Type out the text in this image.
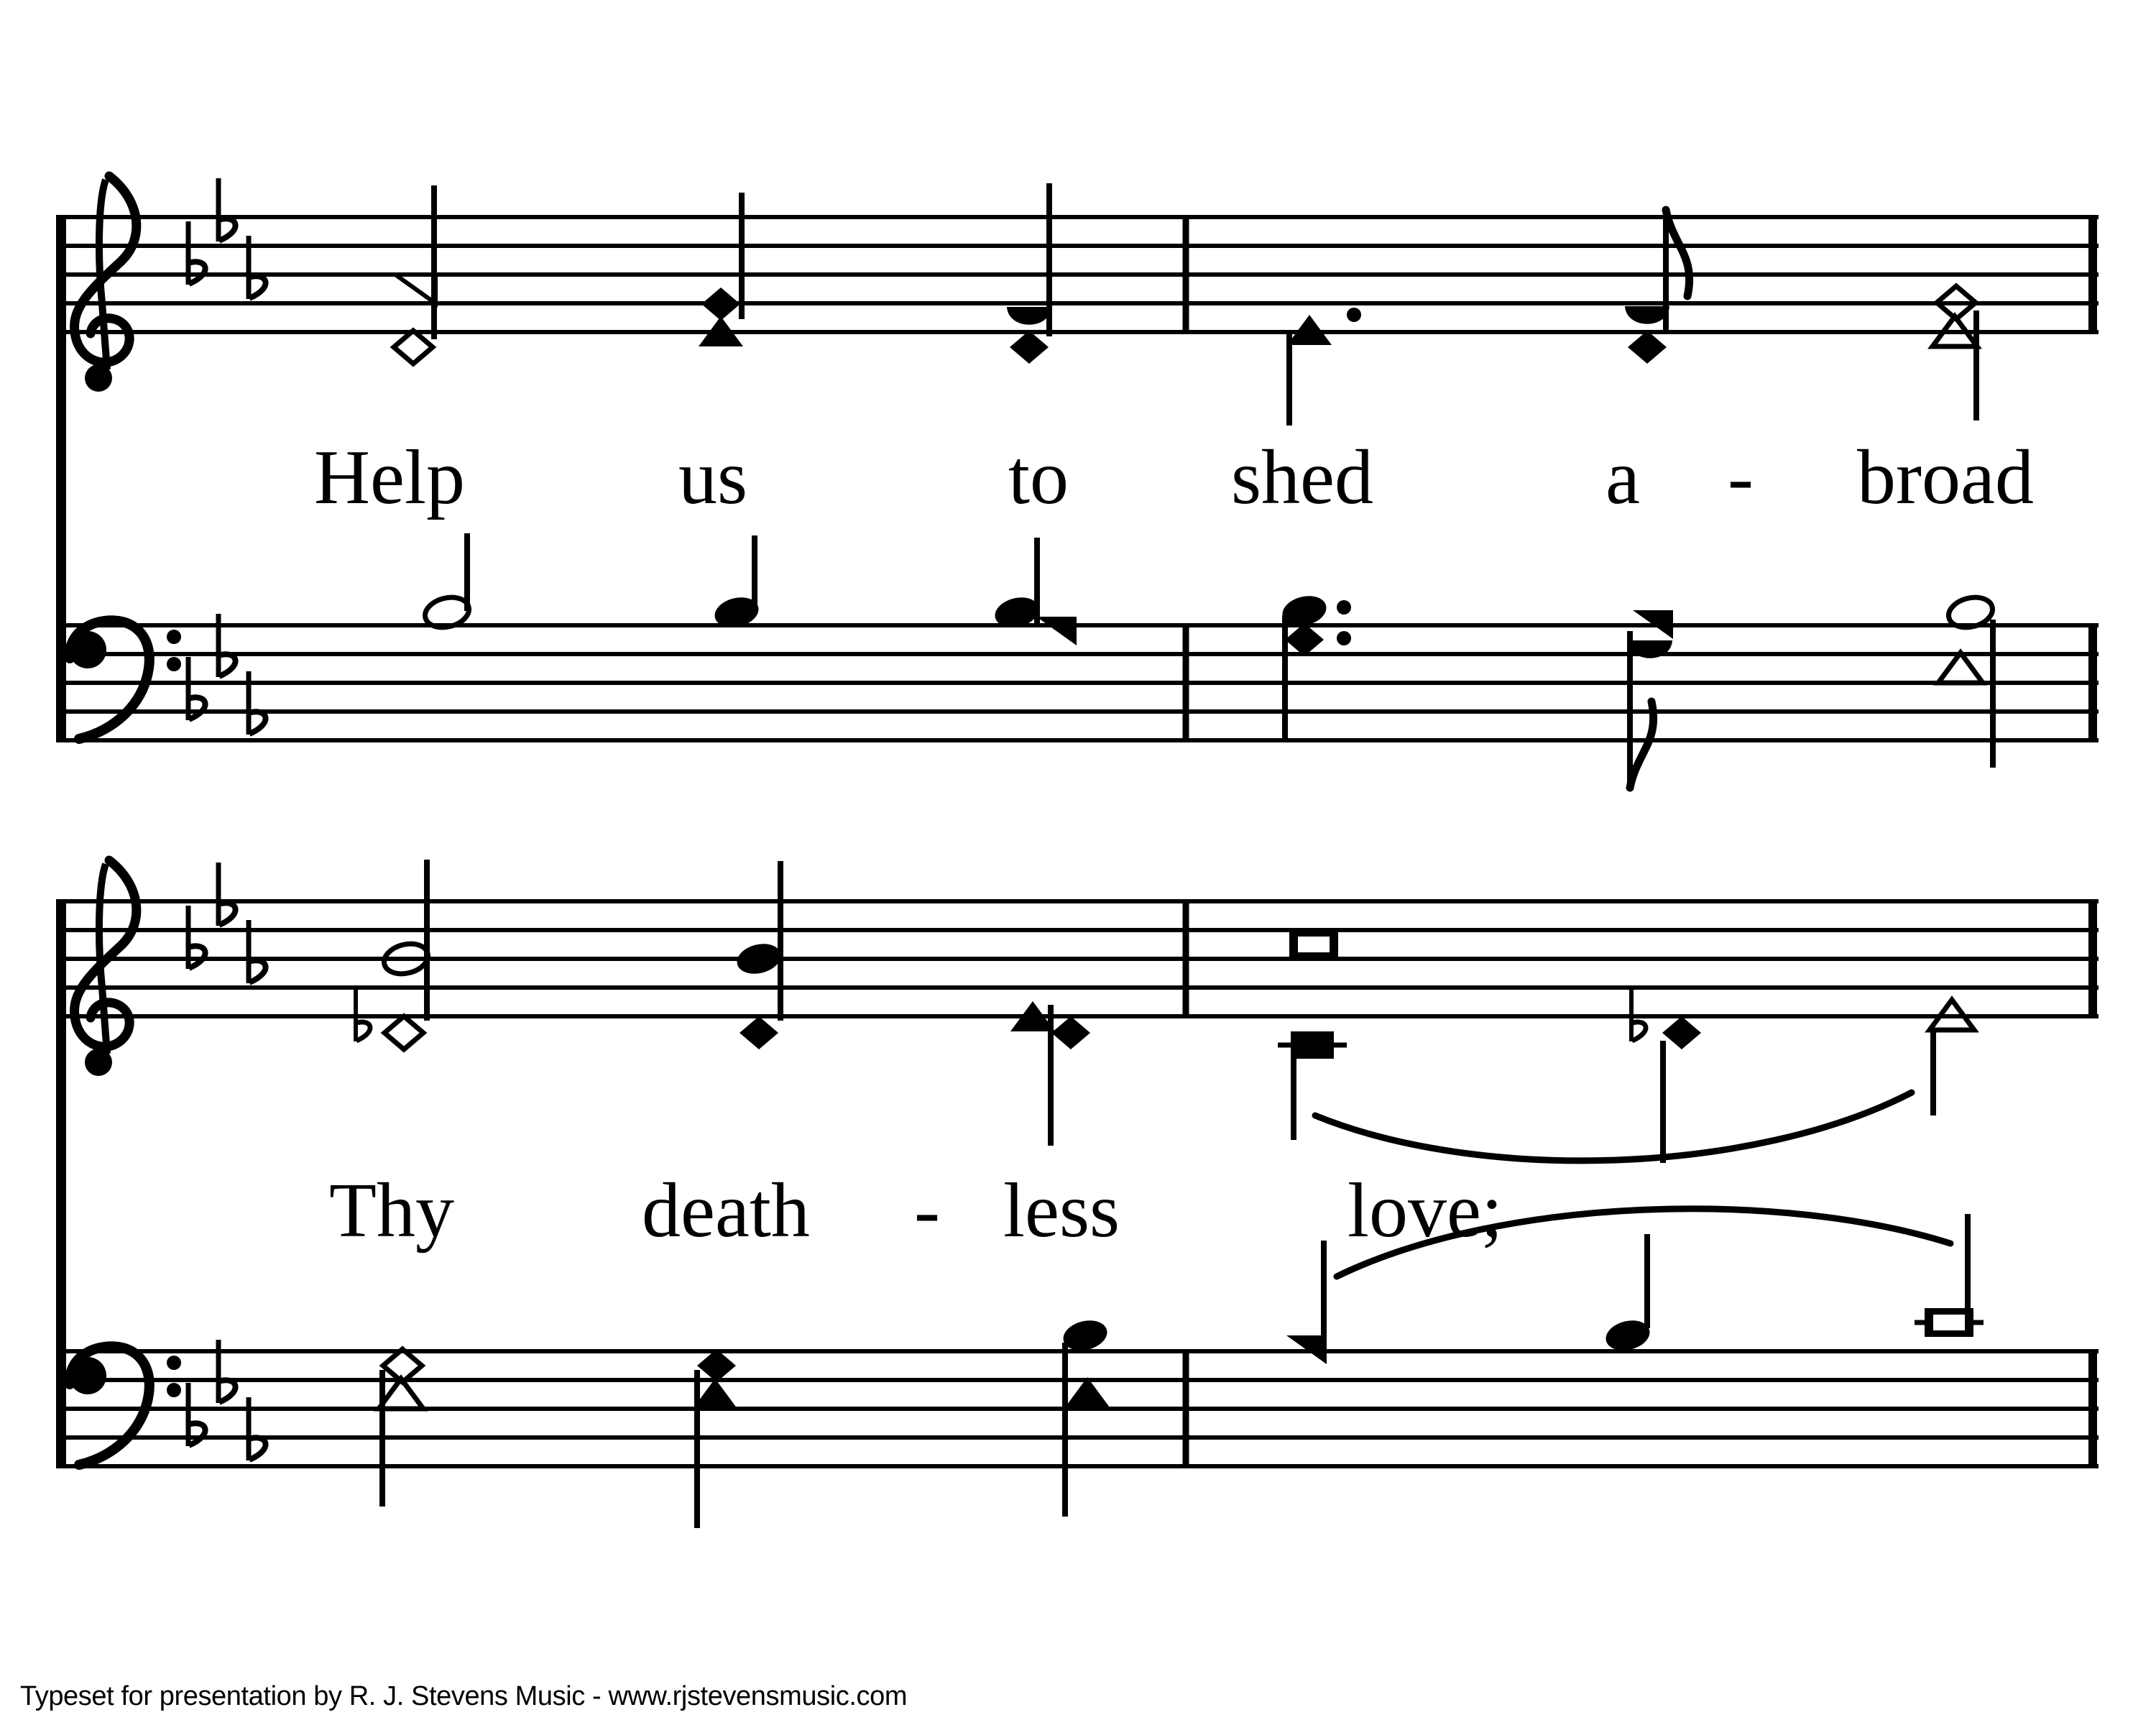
Help	us	to shed	a - broad
Thy death - less	love;
Typeset for presentation by R. J. Stevens Music - www.rjstevensmusic.com
